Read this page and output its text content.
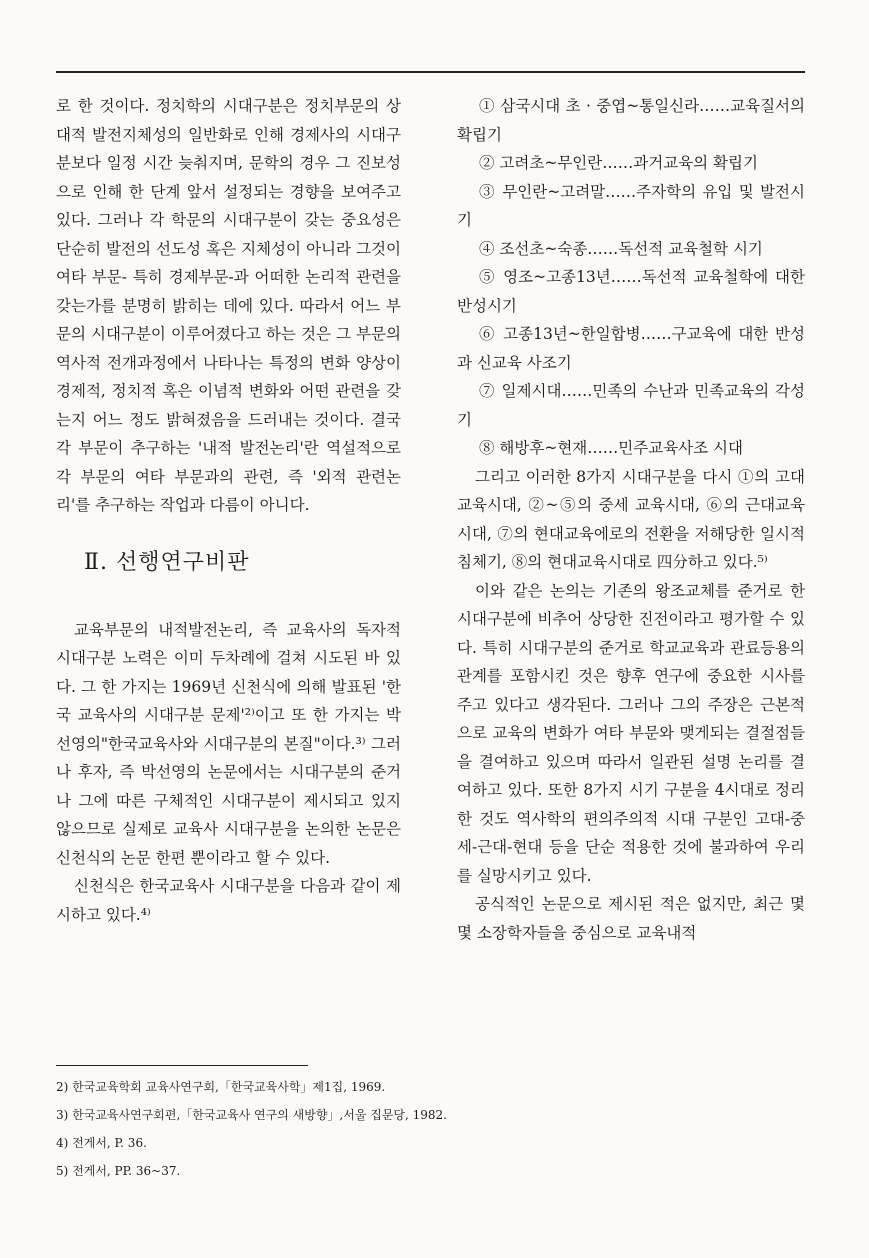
로 한 것이다. 정치학의 시대구분은 정치부문의 상대적 발전지체성의 일반화로 인해 경제사의 시대구분보다 일정 시간 늦춰지며, 문학의 경우 그 진보성으로 인해 한 단계 앞서 설정되는 경향을 보여주고 있다. 그러나 각 학문의 시대구분이 갖는 중요성은 단순히 발전의 선도성 혹은 지체성이 아니라 그것이 여타 부문- 특히 경제부문-과 어떠한 논리적 관련을 갖는가를 분명히 밝히는 데에 있다. 따라서 어느 부문의 시대구분이 이루어졌다고 하는 것은 그 부문의 역사적 전개과정에서 나타나는 특정의 변화 양상이 경제적, 정치적 혹은 이념적 변화와 어떤 관련을 갖는지 어느 정도 밝혀졌음을 드러내는 것이다. 결국 각 부문이 추구하는 '내적 발전논리'란 역설적으로 각 부문의 여타 부문과의 관련, 즉 '외적 관련논리'를 추구하는 작업과 다름이 아니다.

Ⅱ. 선행연구비판

교육부문의 내적발전논리, 즉 교육사의 독자적 시대구분 노력은 이미 두차례에 걸쳐 시도된 바 있다. 그 한 가지는 1969년 신천식에 의해 발표된 '한국 교육사의 시대구분 문제'²⁾이고 또 한 가지는 박선영의"한국교육사와 시대구분의 본질"이다.³⁾ 그러나 후자, 즉 박선영의 논문에서는 시대구분의 준거나 그에 따른 구체적인 시대구분이 제시되고 있지 않으므로 실제로 교육사 시대구분을 논의한 논문은 신천식의 논문 한편 뿐이라고 할 수 있다.

신천식은 한국교육사 시대구분을 다음과 같이 제시하고 있다.⁴⁾

① 삼국시대 초 · 중엽~통일신라……교육질서의 확립기

② 고려초~무인란……과거교육의 확립기

③ 무인란~고려말……주자학의 유입 및 발전시기

④ 조선초~숙종……독선적 교육철학 시기

⑤ 영조~고종13년……독선적 교육철학에 대한 반성시기

⑥ 고종13년~한일합병……구교육에 대한 반성과 신교육 사조기

⑦ 일제시대……민족의 수난과 민족교육의 각성기

⑧ 해방후~현재……민주교육사조 시대

그리고 이러한 8가지 시대구분을 다시 ①의 고대교육시대, ②~⑤의 중세 교육시대, ⑥의 근대교육시대, ⑦의 현대교육에로의 전환을 저해당한 일시적 침체기, ⑧의 현대교육시대로 四分하고 있다.⁵⁾

이와 같은 논의는 기존의 왕조교체를 준거로 한 시대구분에 비추어 상당한 진전이라고 평가할 수 있다. 특히 시대구분의 준거로 학교교육과 관료등용의 관계를 포함시킨 것은 향후 연구에 중요한 시사를 주고 있다고 생각된다. 그러나 그의 주장은 근본적으로 교육의 변화가 여타 부문와 맺게되는 결절점들을 결여하고 있으며 따라서 일관된 설명 논리를 결여하고 있다. 또한 8가지 시기 구분을 4시대로 정리한 것도 역사학의 편의주의적 시대 구분인 고대-중세-근대-현대 등을 단순 적용한 것에 불과하여 우리를 실망시키고 있다.

공식적인 논문으로 제시된 적은 없지만, 최근 몇몇 소장학자들을 중심으로 교육내적

2) 한국교육학회 교육사연구회,「한국교육사학」제1집, 1969.

3) 한국교육사연구회편,「한국교육사 연구의 새방향」,서울 집문당, 1982.

4) 전게서, P. 36.

5) 전게서, PP. 36~37.
